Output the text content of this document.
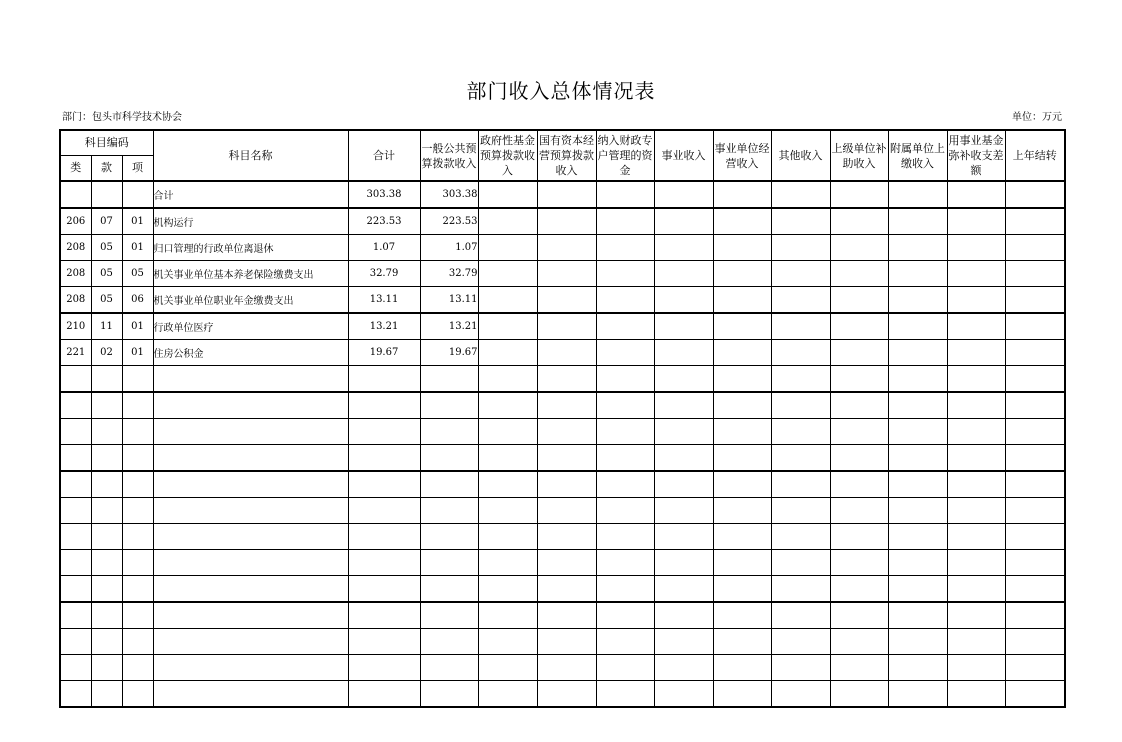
部门收入总体情况表
部门：包头市科学技术协会	单位：万元
科目编码			科目名称	合计	一般公共预算拨款收入	政府性基金预算拨款收入	国有资本经营预算拨款收入	纳入财政专户管理的资金	事业收入	事业单位经营收入	其他收入	上级单位补助收入	附属单位上缴收入	用事业基金弥补收支差额	上年结转
类	款	项													
			合计	303.38	303.38										
206	07	01	机构运行	223.53	223.53										
208	05	01	归口管理的行政单位离退休	1.07	1.07										
208	05	05	机关事业单位基本养老保险缴费支出	32.79	32.79										
208	05	06	机关事业单位职业年金缴费支出	13.11	13.11										
210	11	01	行政单位医疗	13.21	13.21										
221	02	01	住房公积金	19.67	19.67										
